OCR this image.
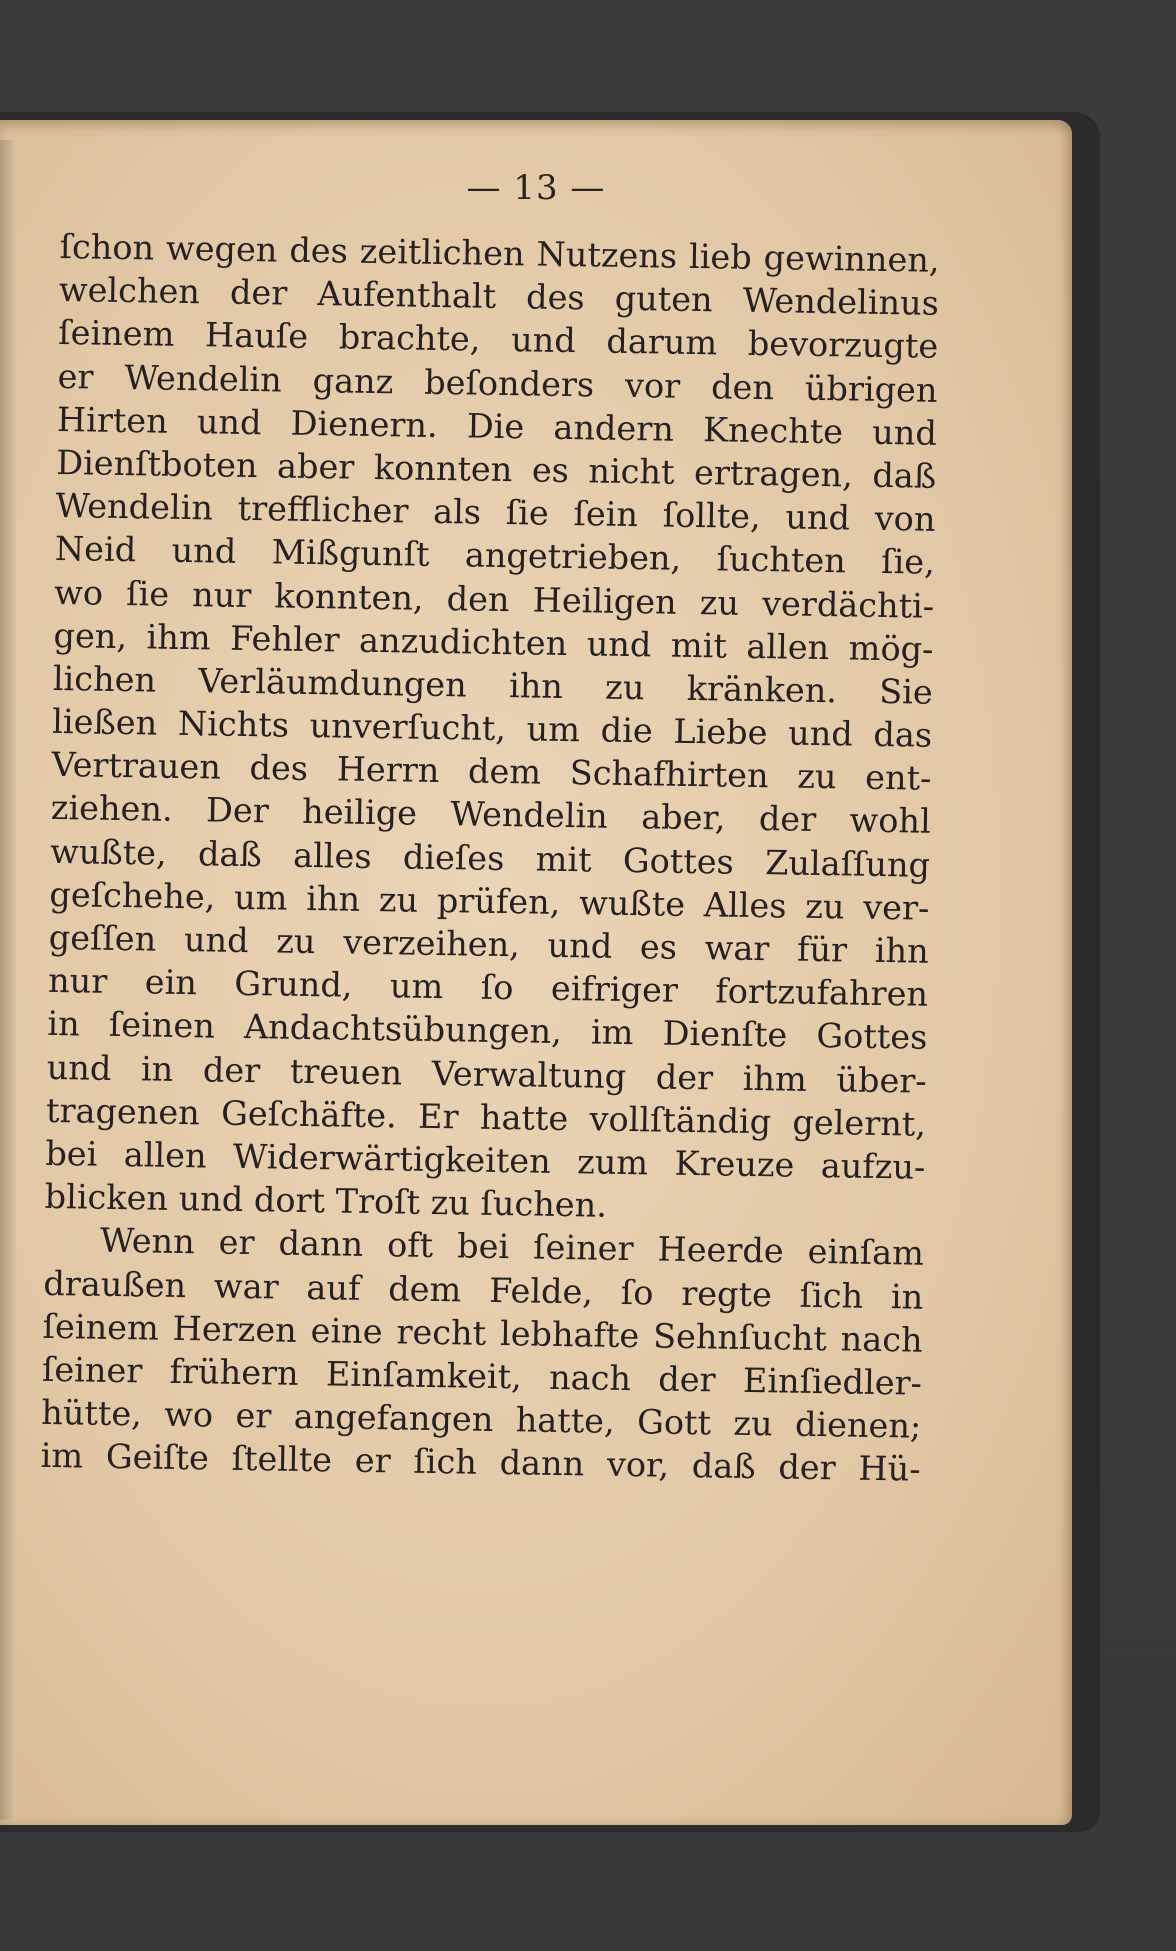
— 13 —
ſchon wegen des zeitlichen Nutzens lieb gewinnen,
welchen der Aufenthalt des guten Wendelinus
ſeinem Hauſe brachte, und darum bevorzugte
er Wendelin ganz beſonders vor den übrigen
Hirten und Dienern. Die andern Knechte und
Dienſtboten aber konnten es nicht ertragen, daß
Wendelin trefflicher als ſie ſein ſollte, und von
Neid und Mißgunſt angetrieben, ſuchten ſie,
wo ſie nur konnten, den Heiligen zu verdächti-
gen, ihm Fehler anzudichten und mit allen mög-
lichen Verläumdungen ihn zu kränken. Sie
ließen Nichts unverſucht, um die Liebe und das
Vertrauen des Herrn dem Schafhirten zu ent-
ziehen. Der heilige Wendelin aber, der wohl
wußte, daß alles dieſes mit Gottes Zulaſſung
geſchehe, um ihn zu prüfen, wußte Alles zu ver-
geſſen und zu verzeihen, und es war für ihn
nur ein Grund, um ſo eifriger fortzufahren
in ſeinen Andachtsübungen, im Dienſte Gottes
und in der treuen Verwaltung der ihm über-
tragenen Geſchäfte. Er hatte vollſtändig gelernt,
bei allen Widerwärtigkeiten zum Kreuze aufzu-
blicken und dort Troſt zu ſuchen.
Wenn er dann oft bei ſeiner Heerde einſam
draußen war auf dem Felde, ſo regte ſich in
ſeinem Herzen eine recht lebhafte Sehnſucht nach
ſeiner frühern Einſamkeit, nach der Einſiedler-
hütte, wo er angefangen hatte, Gott zu dienen;
im Geiſte ſtellte er ſich dann vor, daß der Hü-
